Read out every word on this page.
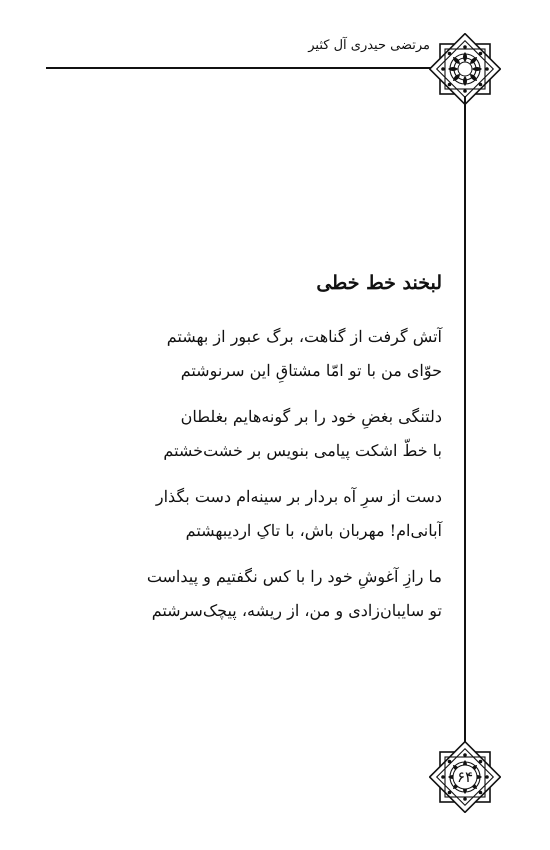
مرتضی حیدری آل کثیر
۶۴
لبخند خط خطی
آتش گرفت از گناهت، برگ عبور از بهشتم
حوّای من با تو امّا مشتاقِ این سرنوشتم
دلتنگی بغضِ خود را بر گونه‌هایم بغلطان
با خطّ اشکت پیامی بنویس بر خشت‌خشتم
دست از سرِ آه بردار بر سینه‌ام دست بگذار
آبانی‌ام! مهربان باش، با تاکِ اردیبهشتم
ما رازِ آغوشِ خود را با کس نگفتیم و پیداست
تو سایبان‌زادی و من، از ریشه، پیچک‌سرشتم
